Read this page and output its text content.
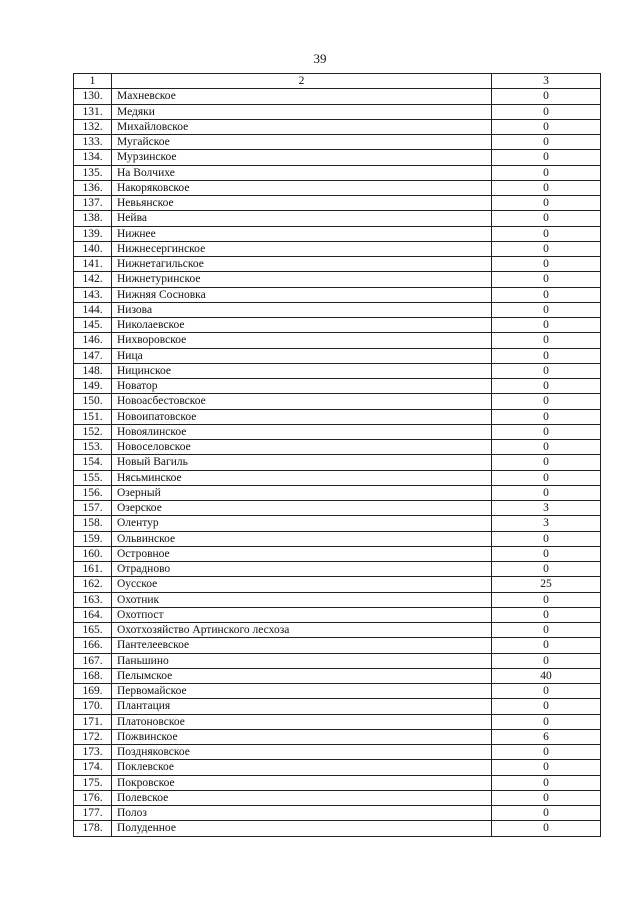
39
1	2	3
130.	Махневское	0
131.	Медяки	0
132.	Михайловское	0
133.	Мугайское	0
134.	Мурзинское	0
135.	На Волчихе	0
136.	Накоряковское	0
137.	Невьянское	0
138.	Нейва	0
139.	Нижнее	0
140.	Нижнесергинское	0
141.	Нижнетагильское	0
142.	Нижнетуринское	0
143.	Нижняя Сосновка	0
144.	Низова	0
145.	Николаевское	0
146.	Нихворовское	0
147.	Ница	0
148.	Ницинское	0
149.	Новатор	0
150.	Новоасбестовское	0
151.	Новоипатовское	0
152.	Новоялинское	0
153.	Новоселовское	0
154.	Новый Вагиль	0
155.	Нясьминское	0
156.	Озерный	0
157.	Озерское	3
158.	Олентур	3
159.	Ольвинское	0
160.	Островное	0
161.	Отрадново	0
162.	Оусское	25
163.	Охотник	0
164.	Охотпост	0
165.	Охотхозяйство Артинского лесхоза	0
166.	Пантелеевское	0
167.	Паньшино	0
168.	Пелымское	40
169.	Первомайское	0
170.	Плантация	0
171.	Платоновское	0
172.	Пожвинское	6
173.	Поздняковское	0
174.	Поклевское	0
175.	Покровское	0
176.	Полевское	0
177.	Полоз	0
178.	Полуденное	0
